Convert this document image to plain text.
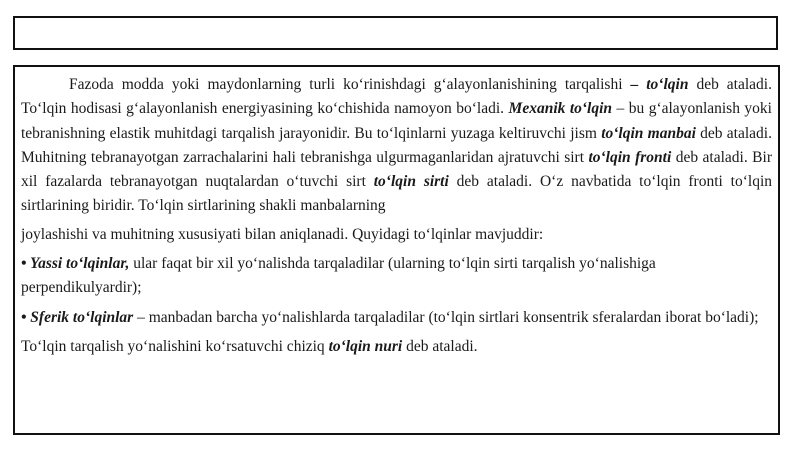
Fazoda modda yoki maydonlarning turli koʻrinishdagi gʻalayonlanishining tarqalishi – toʻlqin deb ataladi. Toʻlqin hodisasi gʻalayonlanish energiyasining koʻchishida namoyon boʻladi. Mexanik toʻlqin – bu gʻalayonlanish yoki tebranishning elastik muhitdagi tarqalish jarayonidir. Bu toʻlqinlarni yuzaga keltiruvchi jism toʻlqin manbai deb ataladi. Muhitning tebranayotgan zarrachalarini hali tebranishga ulgurmaganlaridan ajratuvchi sirt toʻlqin fronti deb ataladi. Bir xil fazalarda tebranayotgan nuqtalardan oʻtuvchi sirt toʻlqin sirti deb ataladi. Oʻz navbatida toʻlqin fronti toʻlqin sirtlarining biridir. Toʻlqin sirtlarining shakli manbalarning

joylashishi va muhitning xususiyati bilan aniqlanadi. Quyidagi toʻlqinlar mavjuddir:

• Yassi toʻlqinlar, ular faqat bir xil yoʻnalishda tarqaladilar (ularning toʻlqin sirti tarqalish yoʻnalishiga perpendikulyardir);

• Sferik toʻlqinlar – manbadan barcha yoʻnalishlarda tarqaladilar (toʻlqin sirtlari konsentrik sferalardan iborat boʻladi);

Toʻlqin tarqalish yoʻnalishini koʻrsatuvchi chiziq toʻlqin nuri deb ataladi.
